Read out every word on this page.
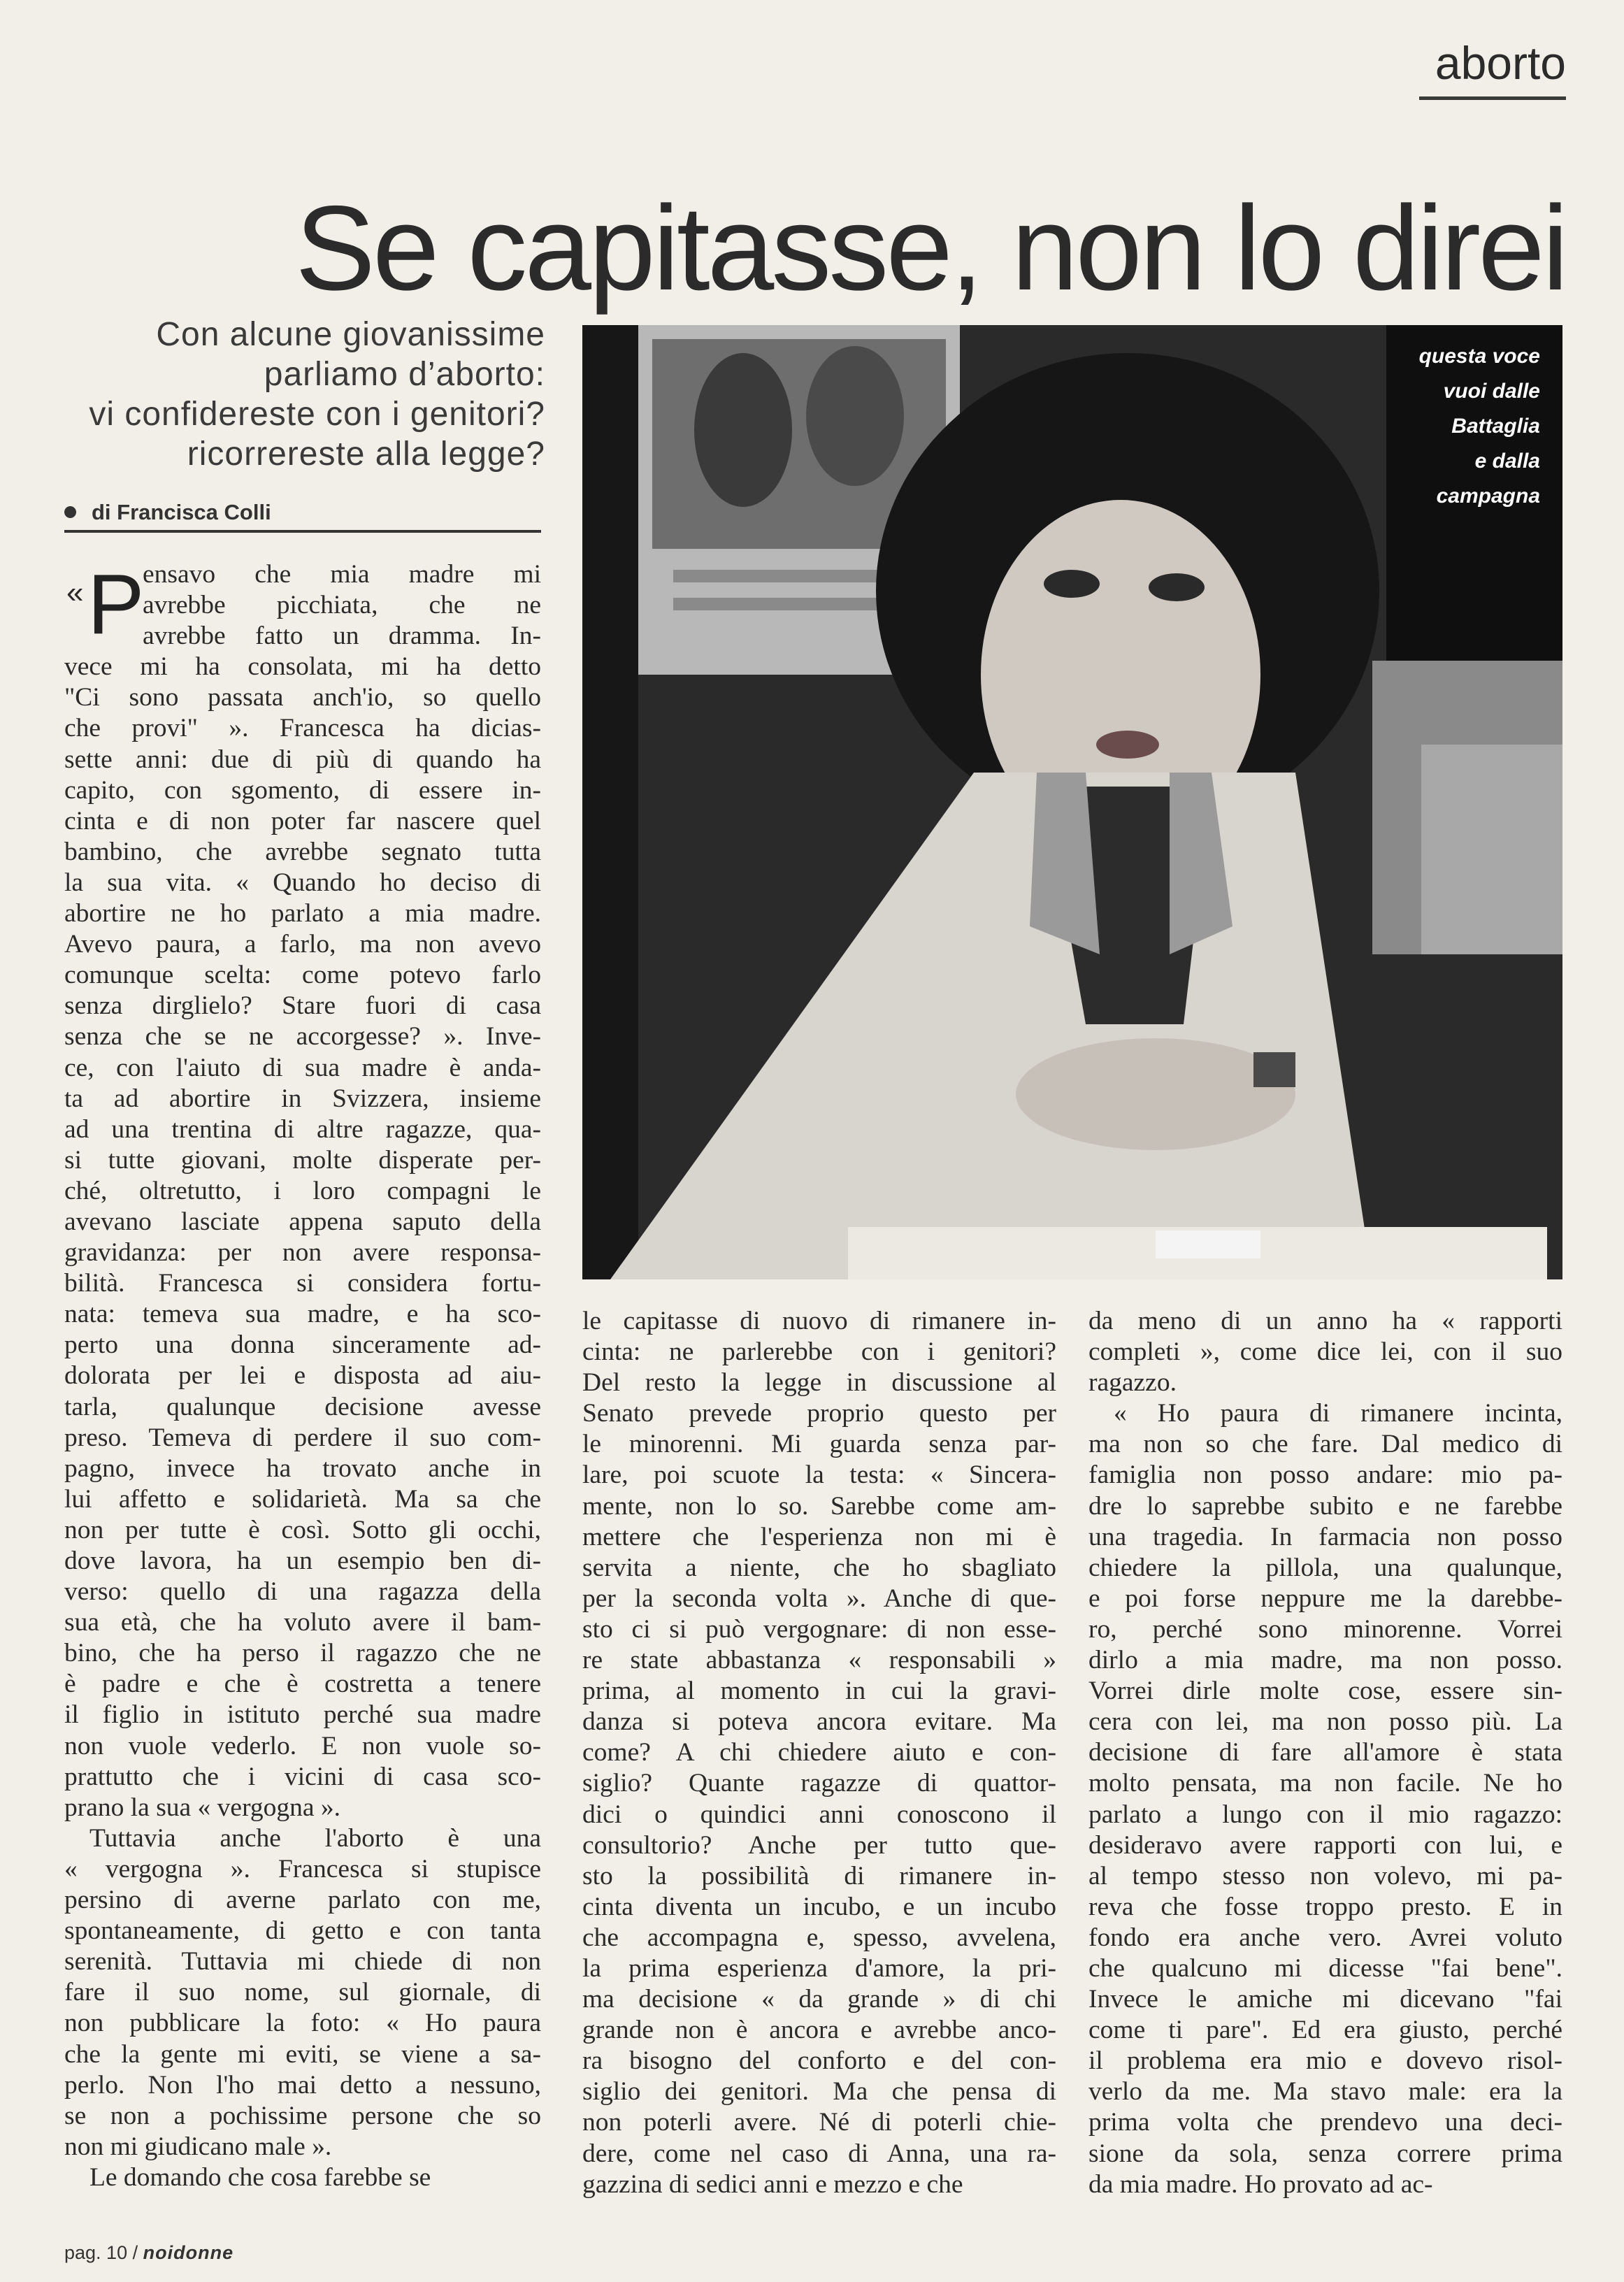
aborto
Se capitasse, non lo direi
Con alcune giovanissime
parliamo d’aborto:
vi confidereste con i genitori?
ricorrereste alla legge?
di Francisca Colli
questa voce
vuoi dalle
Battaglia
e dalla
campagna
« P
ensavo che mia madre mi
avrebbe picchiata, che ne
avrebbe fatto un dramma. In-
vece mi ha consolata, mi ha detto
"Ci sono passata anch'io, so quello
che provi" ». Francesca ha dicias-
sette anni: due di più di quando ha
capito, con sgomento, di essere in-
cinta e di non poter far nascere quel
bambino, che avrebbe segnato tutta
la sua vita. « Quando ho deciso di
abortire ne ho parlato a mia madre.
Avevo paura, a farlo, ma non avevo
comunque scelta: come potevo farlo
senza dirglielo? Stare fuori di casa
senza che se ne accorgesse? ». Inve-
ce, con l'aiuto di sua madre è anda-
ta ad abortire in Svizzera, insieme
ad una trentina di altre ragazze, qua-
si tutte giovani, molte disperate per-
ché, oltretutto, i loro compagni le
avevano lasciate appena saputo della
gravidanza: per non avere responsa-
bilità. Francesca si considera fortu-
nata: temeva sua madre, e ha sco-
perto una donna sinceramente ad-
dolorata per lei e disposta ad aiu-
tarla, qualunque decisione avesse
preso. Temeva di perdere il suo com-
pagno, invece ha trovato anche in
lui affetto e solidarietà. Ma sa che
non per tutte è così. Sotto gli occhi,
dove lavora, ha un esempio ben di-
verso: quello di una ragazza della
sua età, che ha voluto avere il bam-
bino, che ha perso il ragazzo che ne
è padre e che è costretta a tenere
il figlio in istituto perché sua madre
non vuole vederlo. E non vuole so-
prattutto che i vicini di casa sco-
prano la sua « vergogna ».
Tuttavia anche l'aborto è una
« vergogna ». Francesca si stupisce
persino di averne parlato con me,
spontaneamente, di getto e con tanta
serenità. Tuttavia mi chiede di non
fare il suo nome, sul giornale, di
non pubblicare la foto: « Ho paura
che la gente mi eviti, se viene a sa-
perlo. Non l'ho mai detto a nessuno,
se non a pochissime persone che so
non mi giudicano male ».
Le domando che cosa farebbe se
le capitasse di nuovo di rimanere in-
cinta: ne parlerebbe con i genitori?
Del resto la legge in discussione al
Senato prevede proprio questo per
le minorenni. Mi guarda senza par-
lare, poi scuote la testa: « Sincera-
mente, non lo so. Sarebbe come am-
mettere che l'esperienza non mi è
servita a niente, che ho sbagliato
per la seconda volta ». Anche di que-
sto ci si può vergognare: di non esse-
re state abbastanza « responsabili »
prima, al momento in cui la gravi-
danza si poteva ancora evitare. Ma
come? A chi chiedere aiuto e con-
siglio? Quante ragazze di quattor-
dici o quindici anni conoscono il
consultorio? Anche per tutto que-
sto la possibilità di rimanere in-
cinta diventa un incubo, e un incubo
che accompagna e, spesso, avvelena,
la prima esperienza d'amore, la pri-
ma decisione « da grande » di chi
grande non è ancora e avrebbe anco-
ra bisogno del conforto e del con-
siglio dei genitori. Ma che pensa di
non poterli avere. Né di poterli chie-
dere, come nel caso di Anna, una ra-
gazzina di sedici anni e mezzo e che
da meno di un anno ha « rapporti
completi », come dice lei, con il suo
ragazzo.
« Ho paura di rimanere incinta,
ma non so che fare. Dal medico di
famiglia non posso andare: mio pa-
dre lo saprebbe subito e ne farebbe
una tragedia. In farmacia non posso
chiedere la pillola, una qualunque,
e poi forse neppure me la darebbe-
ro, perché sono minorenne. Vorrei
dirlo a mia madre, ma non posso.
Vorrei dirle molte cose, essere sin-
cera con lei, ma non posso più. La
decisione di fare all'amore è stata
molto pensata, ma non facile. Ne ho
parlato a lungo con il mio ragazzo:
desideravo avere rapporti con lui, e
al tempo stesso non volevo, mi pa-
reva che fosse troppo presto. E in
fondo era anche vero. Avrei voluto
che qualcuno mi dicesse "fai bene".
Invece le amiche mi dicevano "fai
come ti pare". Ed era giusto, perché
il problema era mio e dovevo risol-
verlo da me. Ma stavo male: era la
prima volta che prendevo una deci-
sione da sola, senza correre prima
da mia madre. Ho provato ad ac-
pag. 10 / noidonne
